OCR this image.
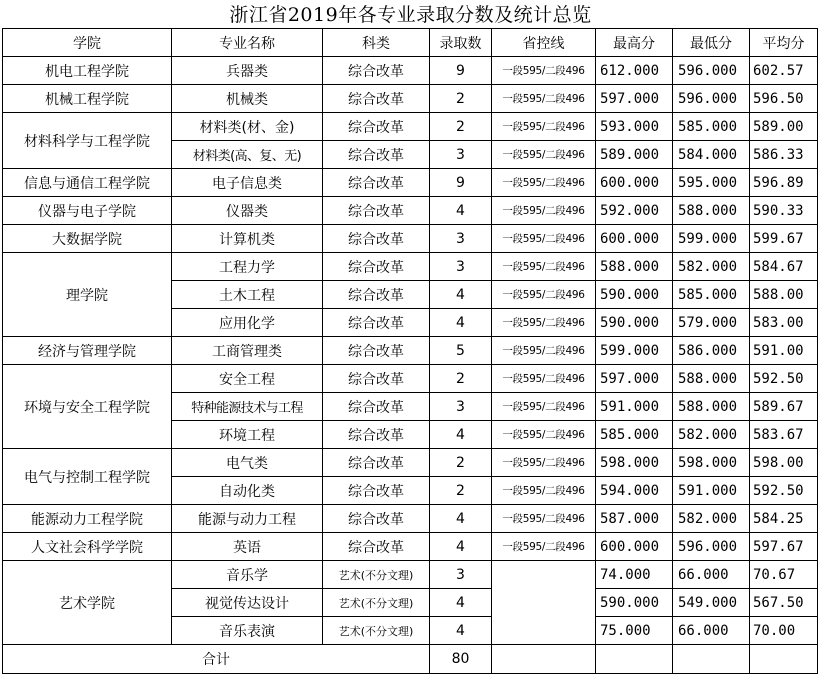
浙江省2019年各专业录取分数及统计总览
学院	专业名称	科类	录取数	省控线	最高分	最低分	平均分
机电工程学院	兵器类	综合改革	9	一段595/二段496	612.000	596.000	602.57
机械工程学院	机械类	综合改革	2	一段595/二段496	597.000	596.000	596.50
材料科学与工程学院	材料类(材、金)	综合改革	2	一段595/二段496	593.000	585.000	589.00
	材料类(高、复、无)	综合改革	3	一段595/二段496	589.000	584.000	586.33
信息与通信工程学院	电子信息类	综合改革	9	一段595/二段496	600.000	595.000	596.89
仪器与电子学院	仪器类	综合改革	4	一段595/二段496	592.000	588.000	590.33
大数据学院	计算机类	综合改革	3	一段595/二段496	600.000	599.000	599.67
理学院	工程力学	综合改革	3	一段595/二段496	588.000	582.000	584.67
	土木工程	综合改革	4	一段595/二段496	590.000	585.000	588.00
	应用化学	综合改革	4	一段595/二段496	590.000	579.000	583.00
经济与管理学院	工商管理类	综合改革	5	一段595/二段496	599.000	586.000	591.00
环境与安全工程学院	安全工程	综合改革	2	一段595/二段496	597.000	588.000	592.50
	特种能源技术与工程	综合改革	3	一段595/二段496	591.000	588.000	589.67
	环境工程	综合改革	4	一段595/二段496	585.000	582.000	583.67
电气与控制工程学院	电气类	综合改革	2	一段595/二段496	598.000	598.000	598.00
	自动化类	综合改革	2	一段595/二段496	594.000	591.000	592.50
能源动力工程学院	能源与动力工程	综合改革	4	一段595/二段496	587.000	582.000	584.25
人文社会科学学院	英语	综合改革	4	一段595/二段496	600.000	596.000	597.67
艺术学院	音乐学	艺术(不分文理)	3		74.000	66.000	70.67
	视觉传达设计	艺术(不分文理)	4		590.000	549.000	567.50
	音乐表演	艺术(不分文理)	4		75.000	66.000	70.00
合计			80				
